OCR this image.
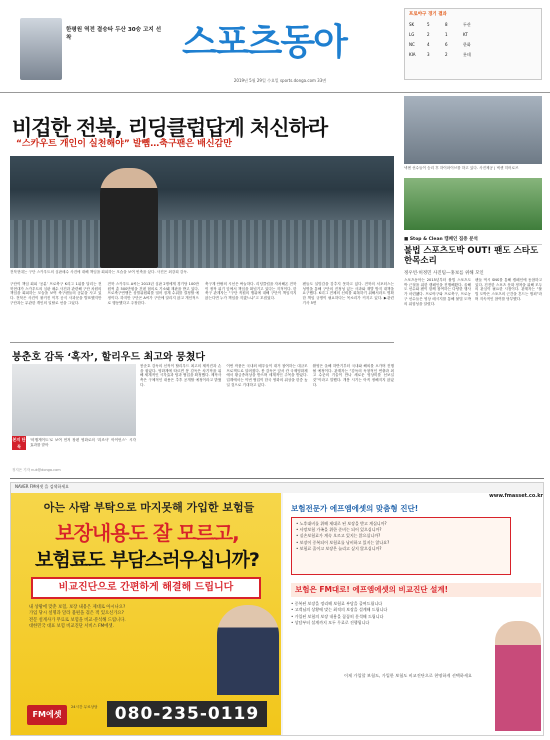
한평원 역전 결승타 두산 30승 고지 선착	스포츠동아
2019년 5월 29일 수요일 sports.donga.com 33면
프로야구 경기 결과
SK	5	8	두산
LG	2	1	KT
NC	4	6	한화
KIA	3	2	롯데
비겁한 전북, 리딩클럽답게 처신하라
“스카우트 개인이 실천해야” 발뺌…축구팬은 배신감만
전북현대는 구단 스카우트의 심판매수 사건에 대해 책임을 회피하는 모습을 보여 빈축을 샀다. 사진은 최강희 감독.
구단이 책임 회피 ‘공분’ 프로축구 K리그 1위를 달리는 전북현대가 스카우트의 심판 매수 사건과 관련해 구단 차원의 책임을 회피하는 모습을 보여 축구팬들의 공분을 사고 있다. 전북은 사건이 불거진 이후 공식 사과문을 발표했지만 구단과는 무관한 개인의 일탈로 선을 그었다.
전북 스카우트 A씨는 2013년 심판 2명에게 경기당 100만원씩 총 500만원을 건넨 혐의로 기소돼 재판을 받고 있다. 프로축구연맹은 상벌위원회를 열어 징계 수위를 결정할 예정이다. 하지만 구단은 A씨가 구단에 알리지 않고 개인적으로 행동했다고 주장한다.
축구계 안팎의 시선은 싸늘하다. 리딩클럽을 자처해온 전북이 정작 위기 앞에서 책임을 떠넘기고 있다는 지적이다. 한 축구 관계자는 “구단 직원의 행위에 대해 구단이 책임지지 않는다면 누가 책임을 지겠느냐”고 꼬집었다.
팬들도 실망감을 감추지 못하고 있다. 전북의 서포터스는 성명을 통해 구단의 진정성 있는 사과와 재발 방지 대책을 요구했다. K리그 전체의 신뢰를 회복하기 위해서라도 명확한 책임 규명이 필요하다는 목소리가 커지고 있다. ▶관련기사 5면
넥센 선수들이 승리 후 하이파이브를 하고 있다. 사진제공 | 넥센 히어로즈
■ Stop & Clean 캠페인 집중 분석
불법 스포츠도박 OUT! 팬도 스타도 한목소리
정우빈·허정민 사진팀—홍보를 위해 모인
스포츠동아는 2015년부터 불법 스포츠도박 근절을 위한 캠페인을 진행해왔다. 올해도 선수와 팬이 함께 참여하는 다양한 행사가 마련됐다. 프로야구와 프로축구, 프로농구 선수들은 영상 메시지를 통해 불법 도박의 위험성을 알렸다.
팬들 역시 SNS를 통해 캠페인에 동참하고 있다. 건전한 스포츠 문화 정착을 위해 모두의 관심이 필요한 시점이다. 관계자는 “불법 도박은 스포츠의 근간을 흔드는 범죄”라며 지속적인 참여를 당부했다.
붕춘호 감독 ‘혹자’, 할리우드 최고와 뭉쳤다
본지 단독
‘비행게이트’로 보여 먼저 장편 영화로의 ‘괴조사’ 아이언스’· 시각 효과를 맡아
봉준호 감독의 신작이 할리우드 최고의 제작진과 손을 잡았다. 영화계에 따르면 봉 감독은 차기작을 위해 세계적인 시각효과 팀과 협업을 확정했다. 제작사 측은 구체적인 내용은 추후 공개할 예정이라고 밝혔다.
이번 작품은 국내외 배우들이 대거 참여하는 대규모 프로젝트로 알려졌다. 봉 감독은 앞서 칸 국제영화제에서 황금종려상을 받으며 세계적인 주목을 받았다. 업계에서는 이번 협업이 한국 영화의 위상을 한층 높일 것으로 기대하고 있다.
촬영은 올해 하반기부터 국내와 해외를 오가며 진행될 예정이다. 관계자는 “감독의 독창적인 연출과 최고 수준의 기술이 만나 새로운 영상미를 선보일 것”이라고 말했다. 개봉 시기는 아직 정해지지 않았다.
정지은 기자 nuk@donga.com
NAVER FM에셋 을 검색하세요
아는 사람 부탁으로 마지못해 가입한 보험들
보장내용도 잘 모르고,
보험료도 부담스러우십니까?
비교진단으로 간편하게 해결해 드립니다

내 상황에 맞춘 보험, 보장 내용은 제대로 아시나요?

가입 당시 설명과 달라 불편을 겪은 적 있으신가요?

전문 설계사가 무료로 보험을 비교·분석해 드립니다.

대한민국 대표 보험 비교진단 서비스 FM에셋.

FM에셋
24시간 무료상담	080-235-0119
www.fmasset.co.kr
보험전문가 에프엠에셋의 맞춤형 진단!

• 노후대비를 위해 제대로 된 보장을 받고 계십니까?

• 사망보험 가족을 위한 준비는 되어 있으십니까?

• 실손보험료가 계속 오르고 있지는 않으십니까?

• 보장이 중복되어 보험료를 낭비하고 있지는 않나요?

• 보험료 줄이고 보장은 늘리고 싶지 않으십니까?

보험은 FM대로! 에프엠에셋의 비교진단 설계!

• 중복된 보장을 정리해 보험료 부담을 줄여드립니다

• 고객님의 상황에 맞는 최적의 보장을 설계해 드립니다

• 가입된 보험의 보장 내용을 꼼꼼히 분석해 드립니다

• 상담부터 설계까지 모두 무료로 진행됩니다

이제 가입할 보험도, 가입한 보험도 비교진단으로 현명하게 선택하세요
